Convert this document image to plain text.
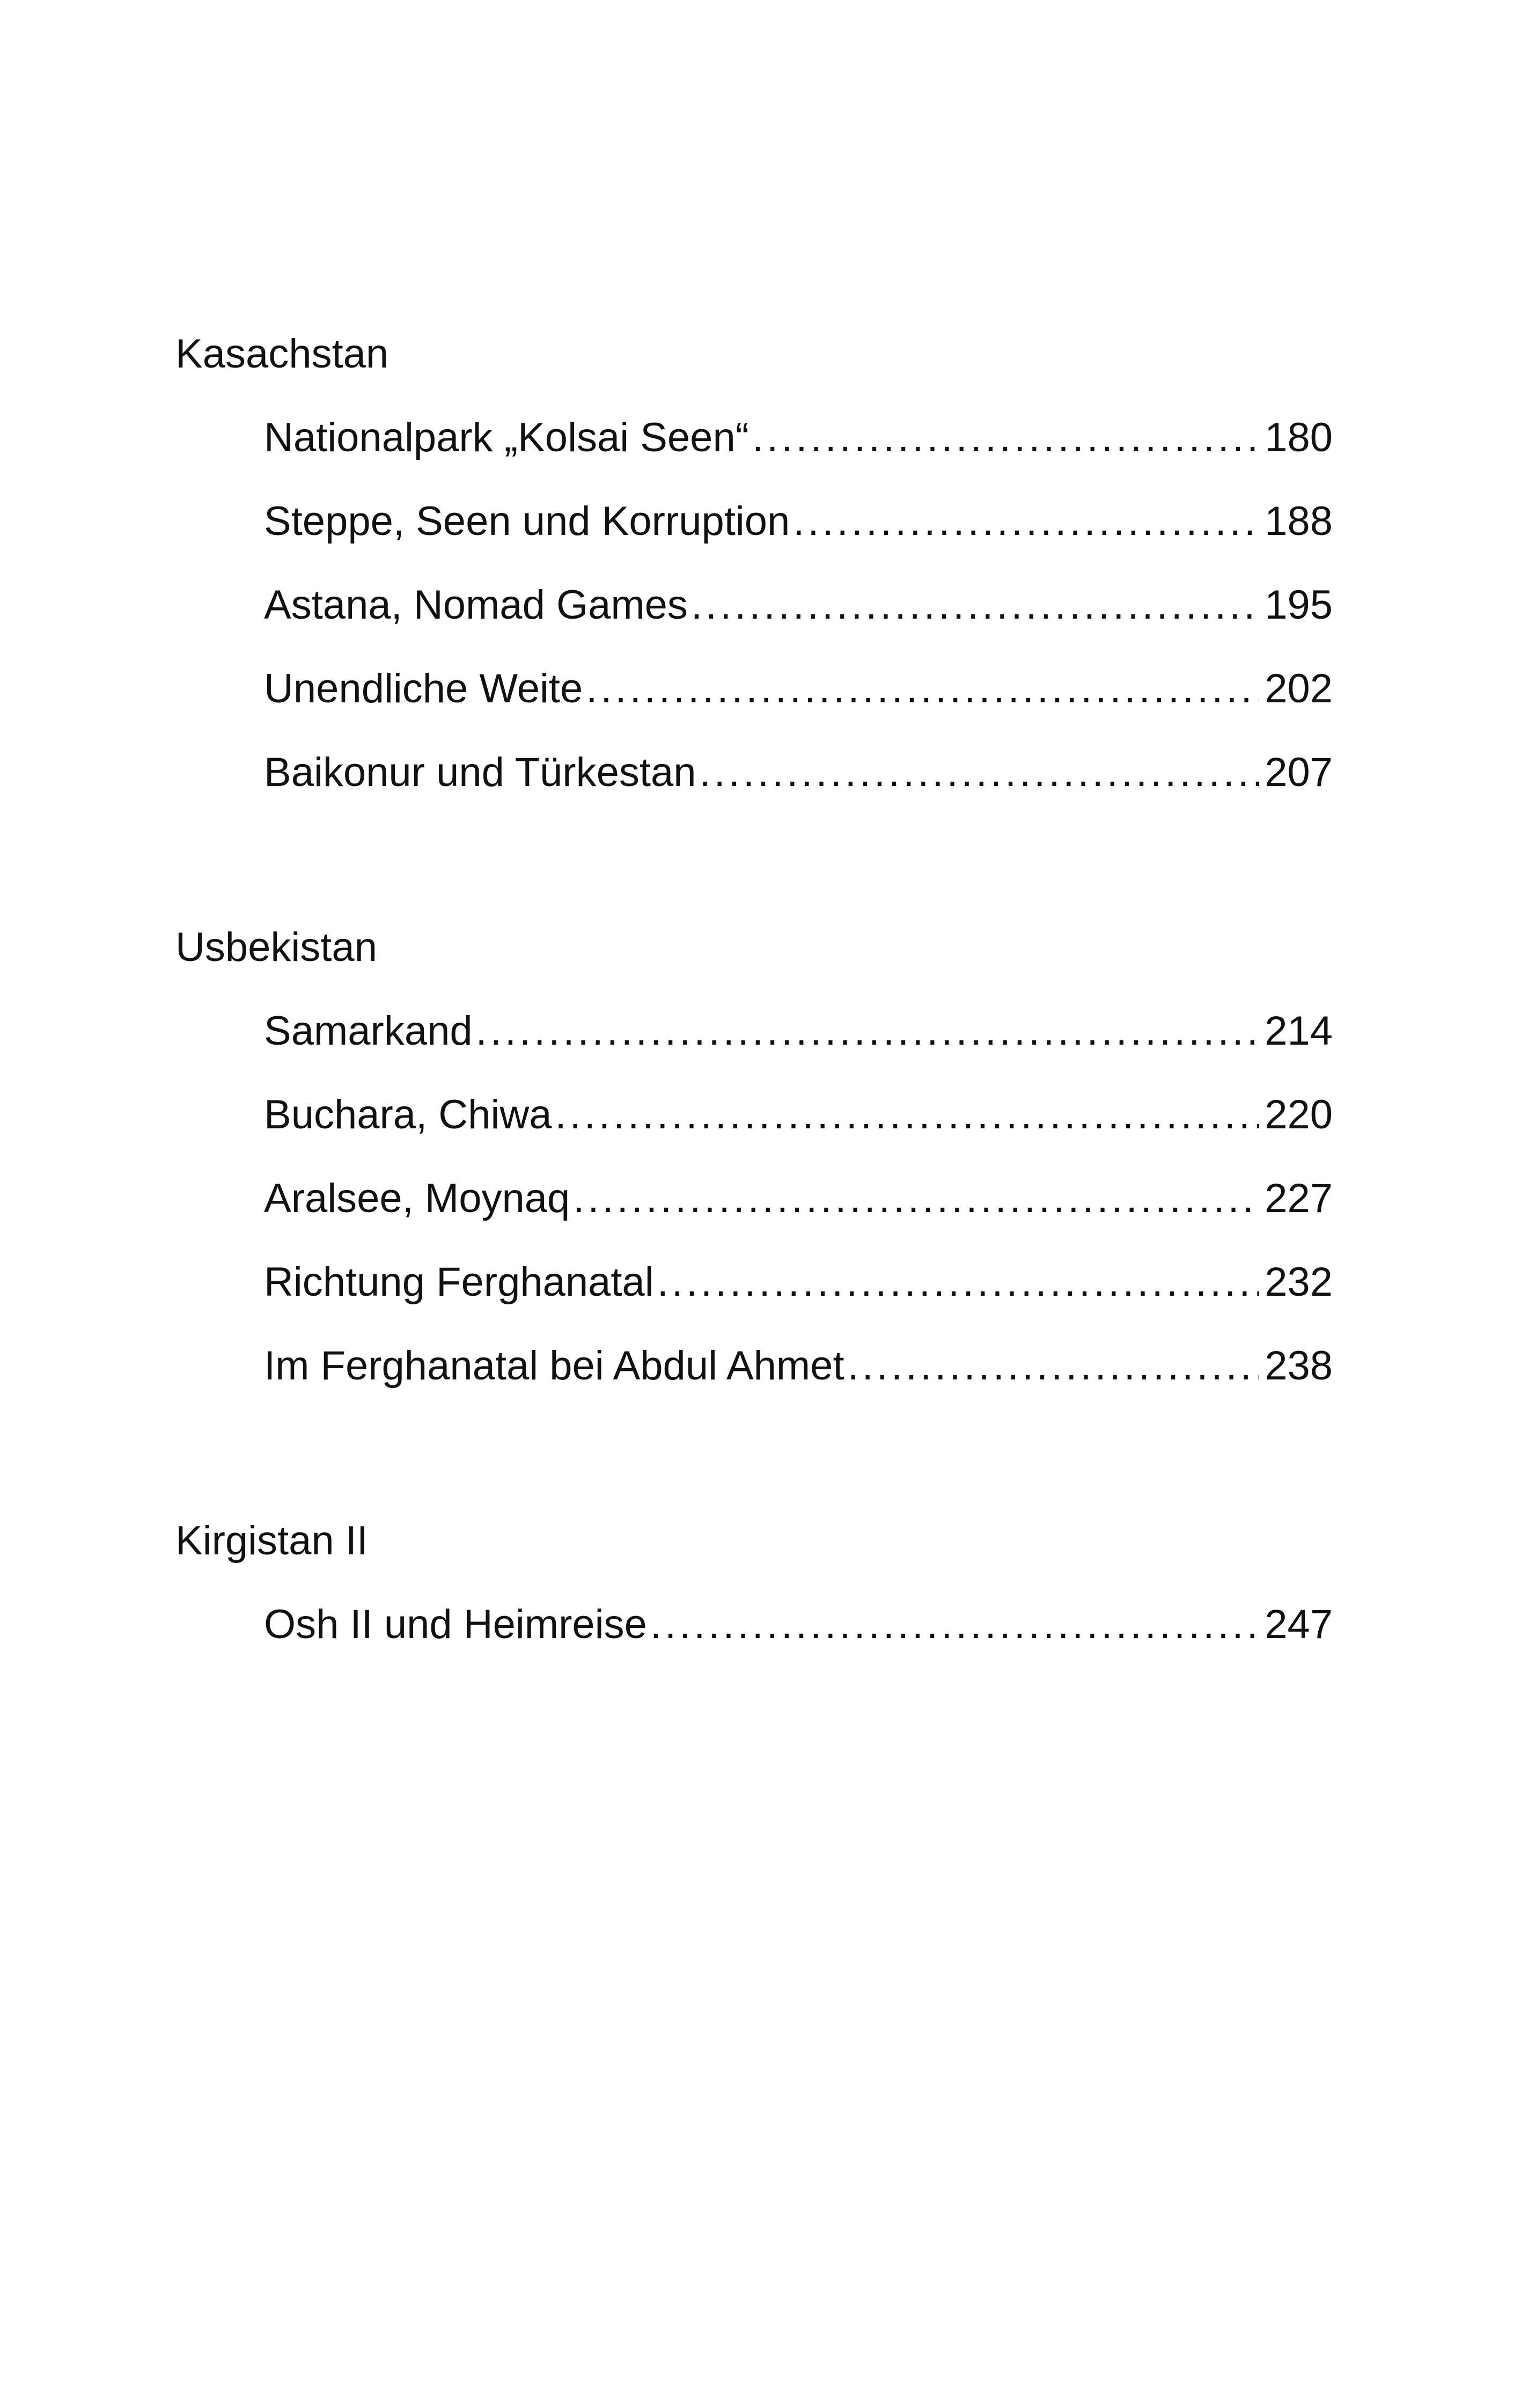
Kasachstan
Nationalpark „Kolsai Seen“ .....	180
Steppe, Seen und Korruption .....	188
Astana, Nomad Games .....	195
Unendliche Weite .....	202
Baikonur und Türkestan .....	207
Usbekistan
Samarkand .....	214
Buchara, Chiwa .....	220
Aralsee, Moynaq .....	227
Richtung Ferghanatal .....	232
Im Ferghanatal bei Abdul Ahmet .....	238
Kirgistan II
Osh II und Heimreise .....	247
